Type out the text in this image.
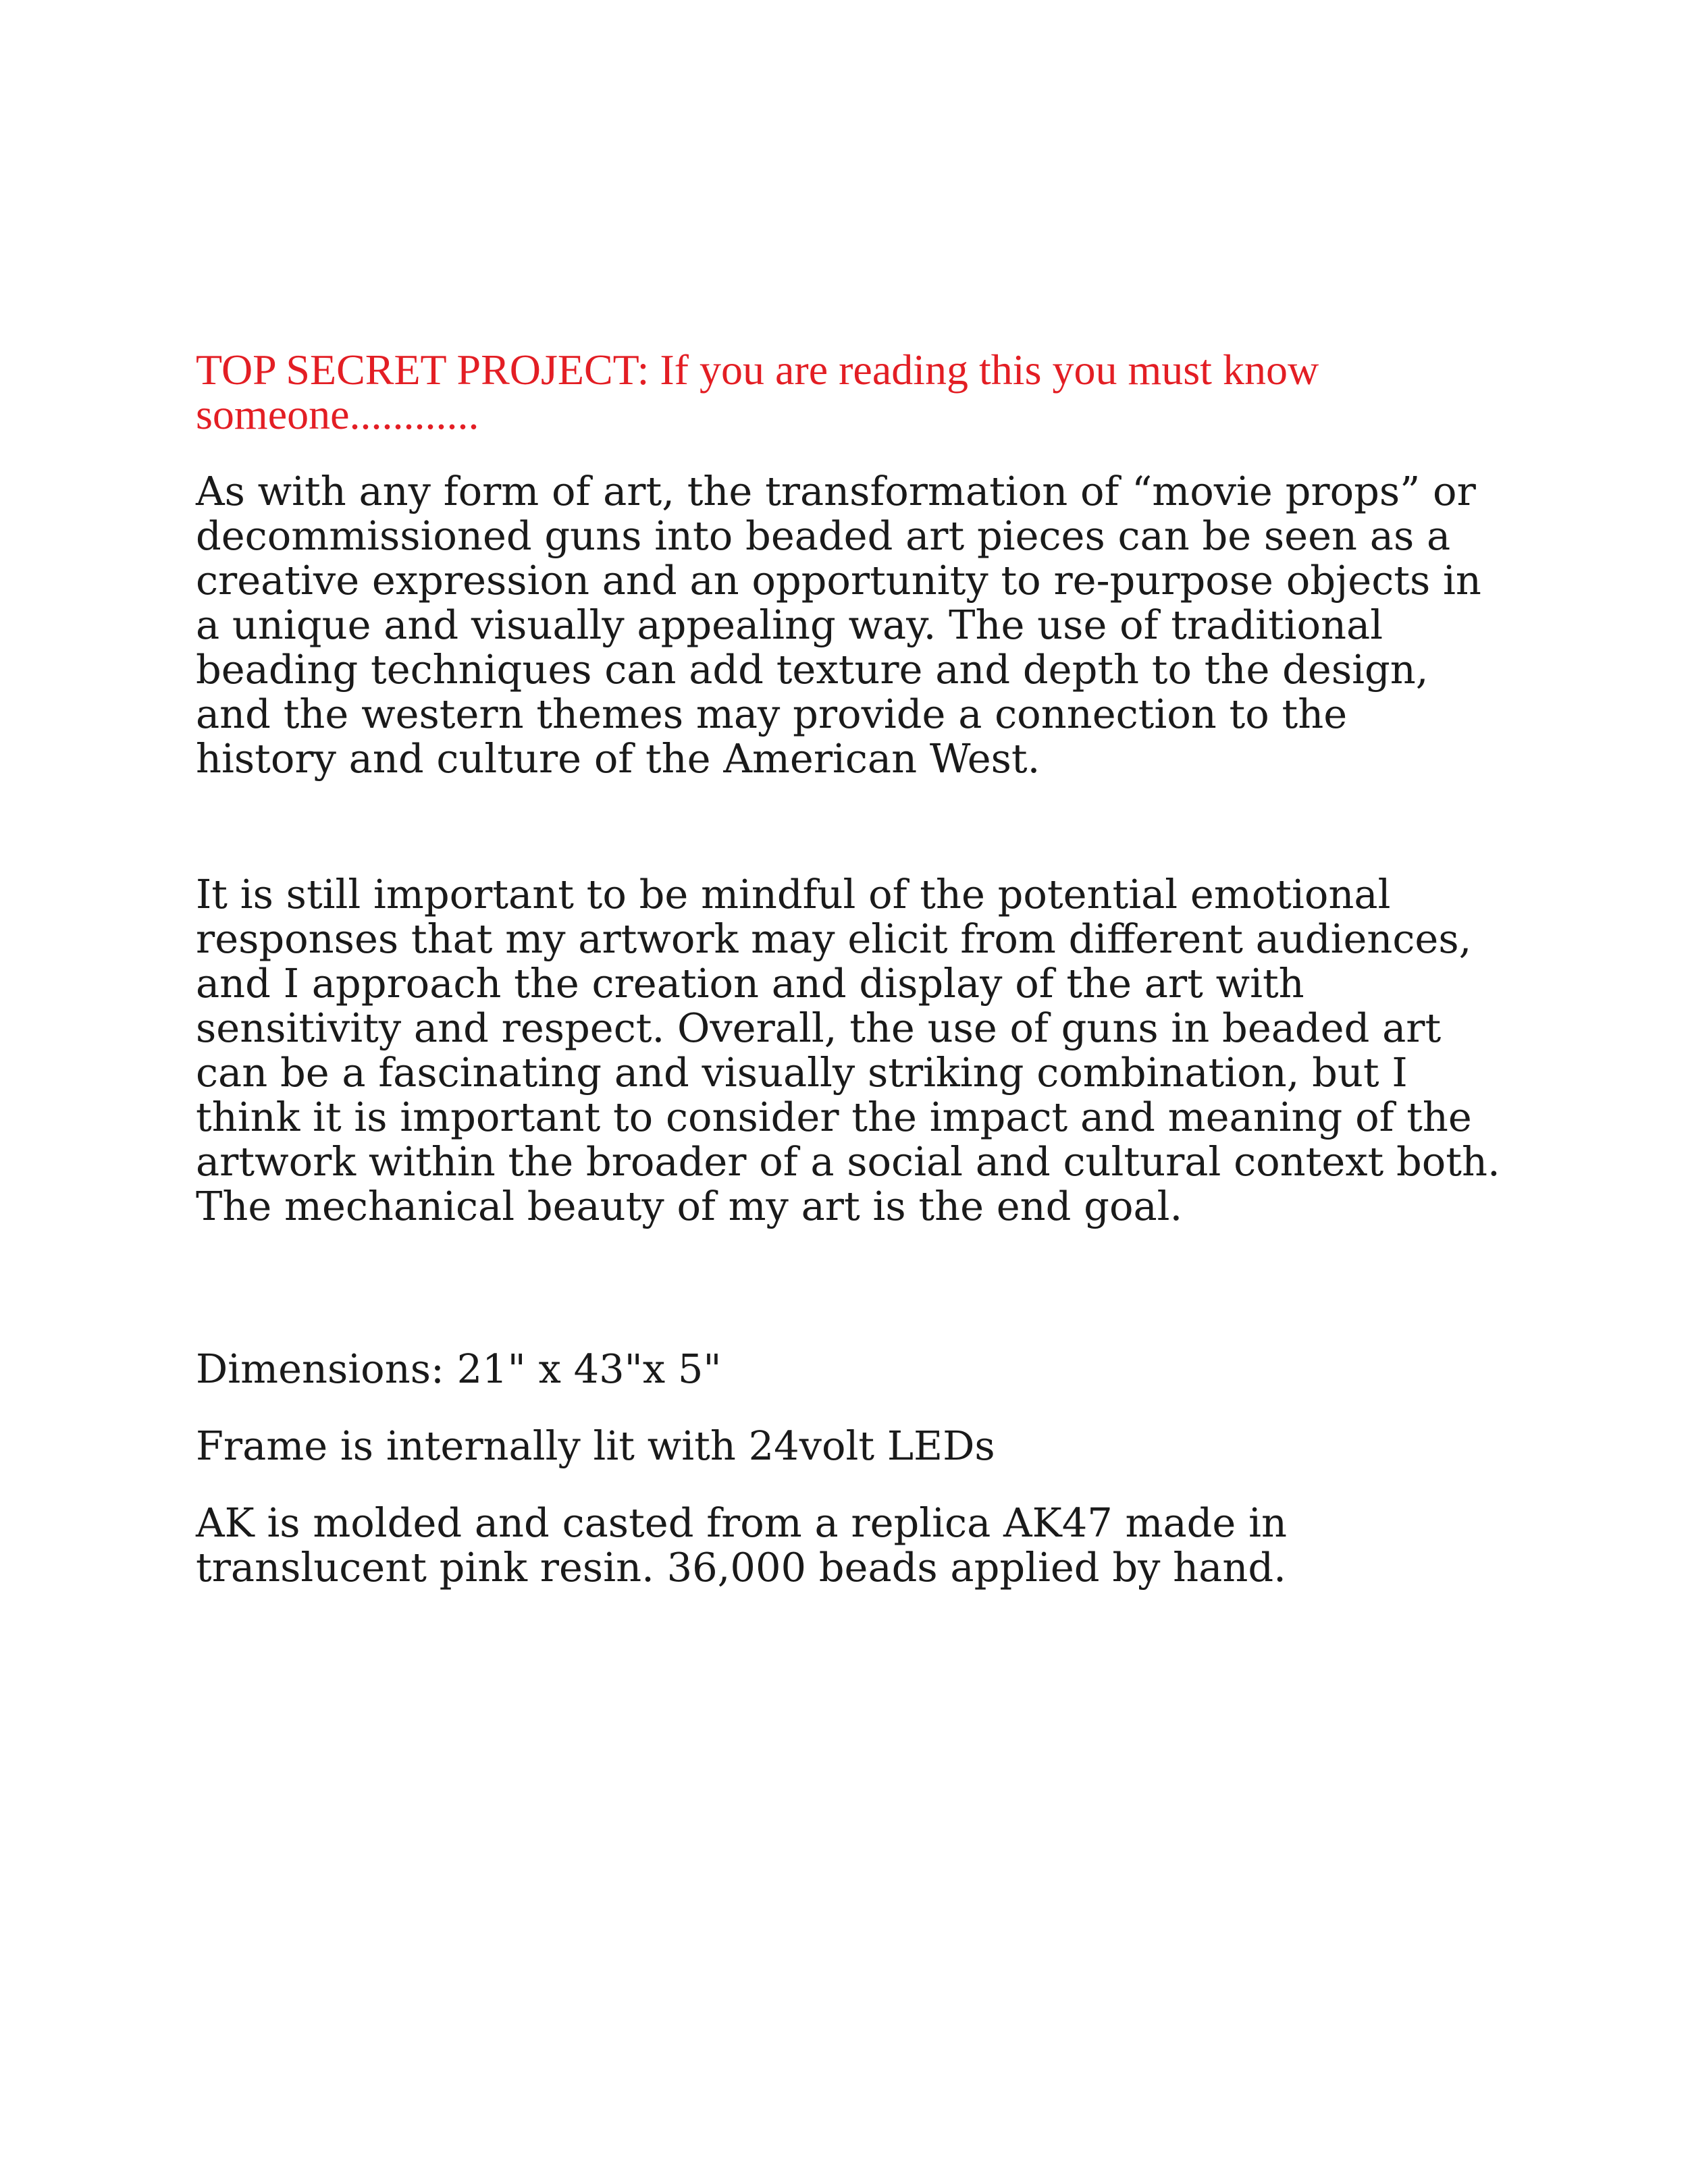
TOP SECRET PROJECT: If you are reading this you must know
someone............
As with any form of art, the transformation of “movie props” or
decommissioned guns into beaded art pieces can be seen as a
creative expression and an opportunity to re-purpose objects in
a unique and visually appealing way. The use of traditional
beading techniques can add texture and depth to the design,
and the western themes may provide a connection to the
history and culture of the American West.
It is still important to be mindful of the potential emotional
responses that my artwork may elicit from different audiences,
and I approach the creation and display of the art with
sensitivity and respect. Overall, the use of guns in beaded art
can be a fascinating and visually striking combination, but I
think it is important to consider the impact and meaning of the
artwork within the broader of a social and cultural context both.
The mechanical beauty of my art is the end goal.

Dimensions: 21" x 43"x 5"

Frame is internally lit with 24volt LEDs

AK is molded and casted from a replica AK47 made in
translucent pink resin. 36,000 beads applied by hand.
